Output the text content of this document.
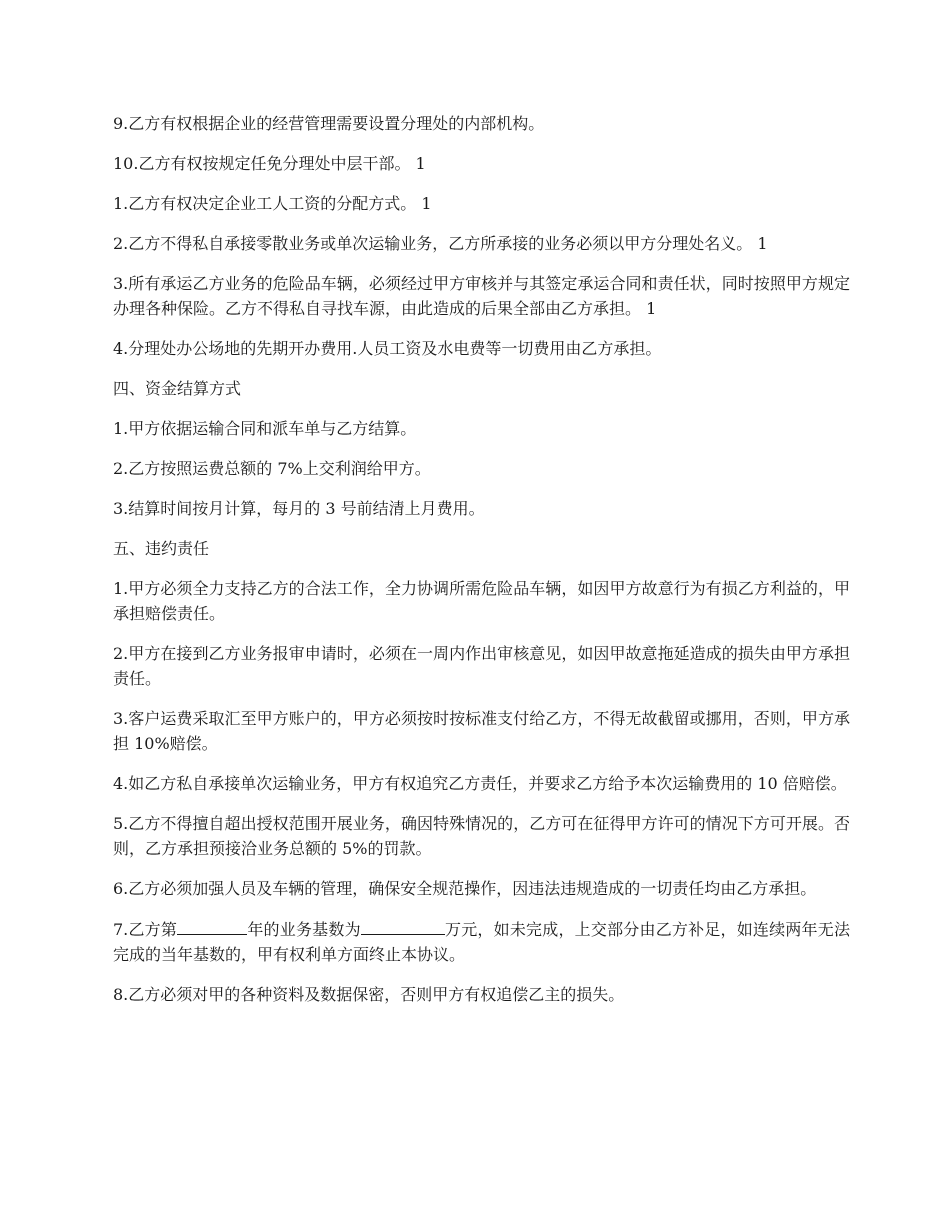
9.乙方有权根据企业的经营管理需要设置分理处的内部机构。

10.乙方有权按规定任免分理处中层干部。 1

1.乙方有权决定企业工人工资的分配方式。 1

2.乙方不得私自承接零散业务或单次运输业务，乙方所承接的业务必须以甲方分理处名义。 1

3.所有承运乙方业务的危险品车辆，必须经过甲方审核并与其签定承运合同和责任状，同时按照甲方规定办理各种保险。乙方不得私自寻找车源，由此造成的后果全部由乙方承担。 1

4.分理处办公场地的先期开办费用.人员工资及水电费等一切费用由乙方承担。

四、资金结算方式

1.甲方依据运输合同和派车单与乙方结算。

2.乙方按照运费总额的 7%上交利润给甲方。

3.结算时间按月计算，每月的 3 号前结清上月费用。

五、违约责任

1.甲方必须全力支持乙方的合法工作，全力协调所需危险品车辆，如因甲方故意行为有损乙方利益的，甲承担赔偿责任。

2.甲方在接到乙方业务报审申请时，必须在一周内作出审核意见，如因甲故意拖延造成的损失由甲方承担责任。

3.客户运费采取汇至甲方账户的，甲方必须按时按标准支付给乙方，不得无故截留或挪用，否则，甲方承担 10%赔偿。

4.如乙方私自承接单次运输业务，甲方有权追究乙方责任，并要求乙方给予本次运输费用的 10 倍赔偿。

5.乙方不得擅自超出授权范围开展业务，确因特殊情况的，乙方可在征得甲方许可的情况下方可开展。否则，乙方承担预接洽业务总额的 5%的罚款。

6.乙方必须加强人员及车辆的管理，确保安全规范操作，因违法违规造成的一切责任均由乙方承担。

7.乙方第	年的业务基数为	万元，如未完成，上交部分由乙方补足，如连续两年无法完成的当年基数的，甲有权利单方面终止本协议。

8.乙方必须对甲的各种资料及数据保密，否则甲方有权追偿乙主的损失。
